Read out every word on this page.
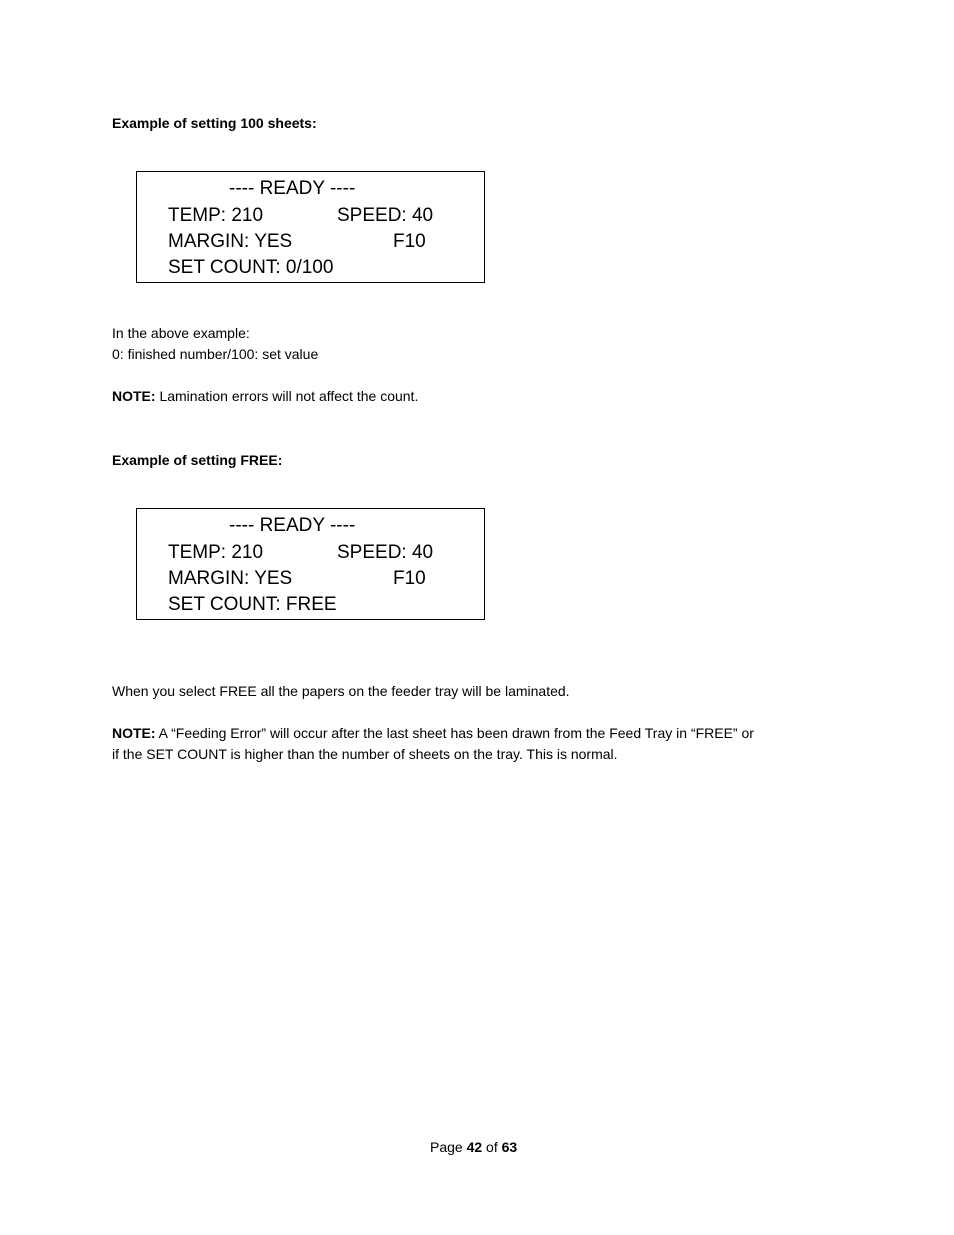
Example of setting 100 sheets:
---- READY ----
TEMP: 210	SPEED: 40
MARGIN: YES	F10
SET COUNT: 0/100
In the above example:
0: finished number/100: set value
NOTE: Lamination errors will not affect the count.
Example of setting FREE:
---- READY ----
TEMP: 210	SPEED: 40
MARGIN: YES	F10
SET COUNT: FREE
When you select FREE all the papers on the feeder tray will be laminated.
NOTE: A “Feeding Error” will occur after the last sheet has been drawn from the Feed Tray in “FREE” or
if the SET COUNT is higher than the number of sheets on the tray. This is normal.
Page 42 of 63
